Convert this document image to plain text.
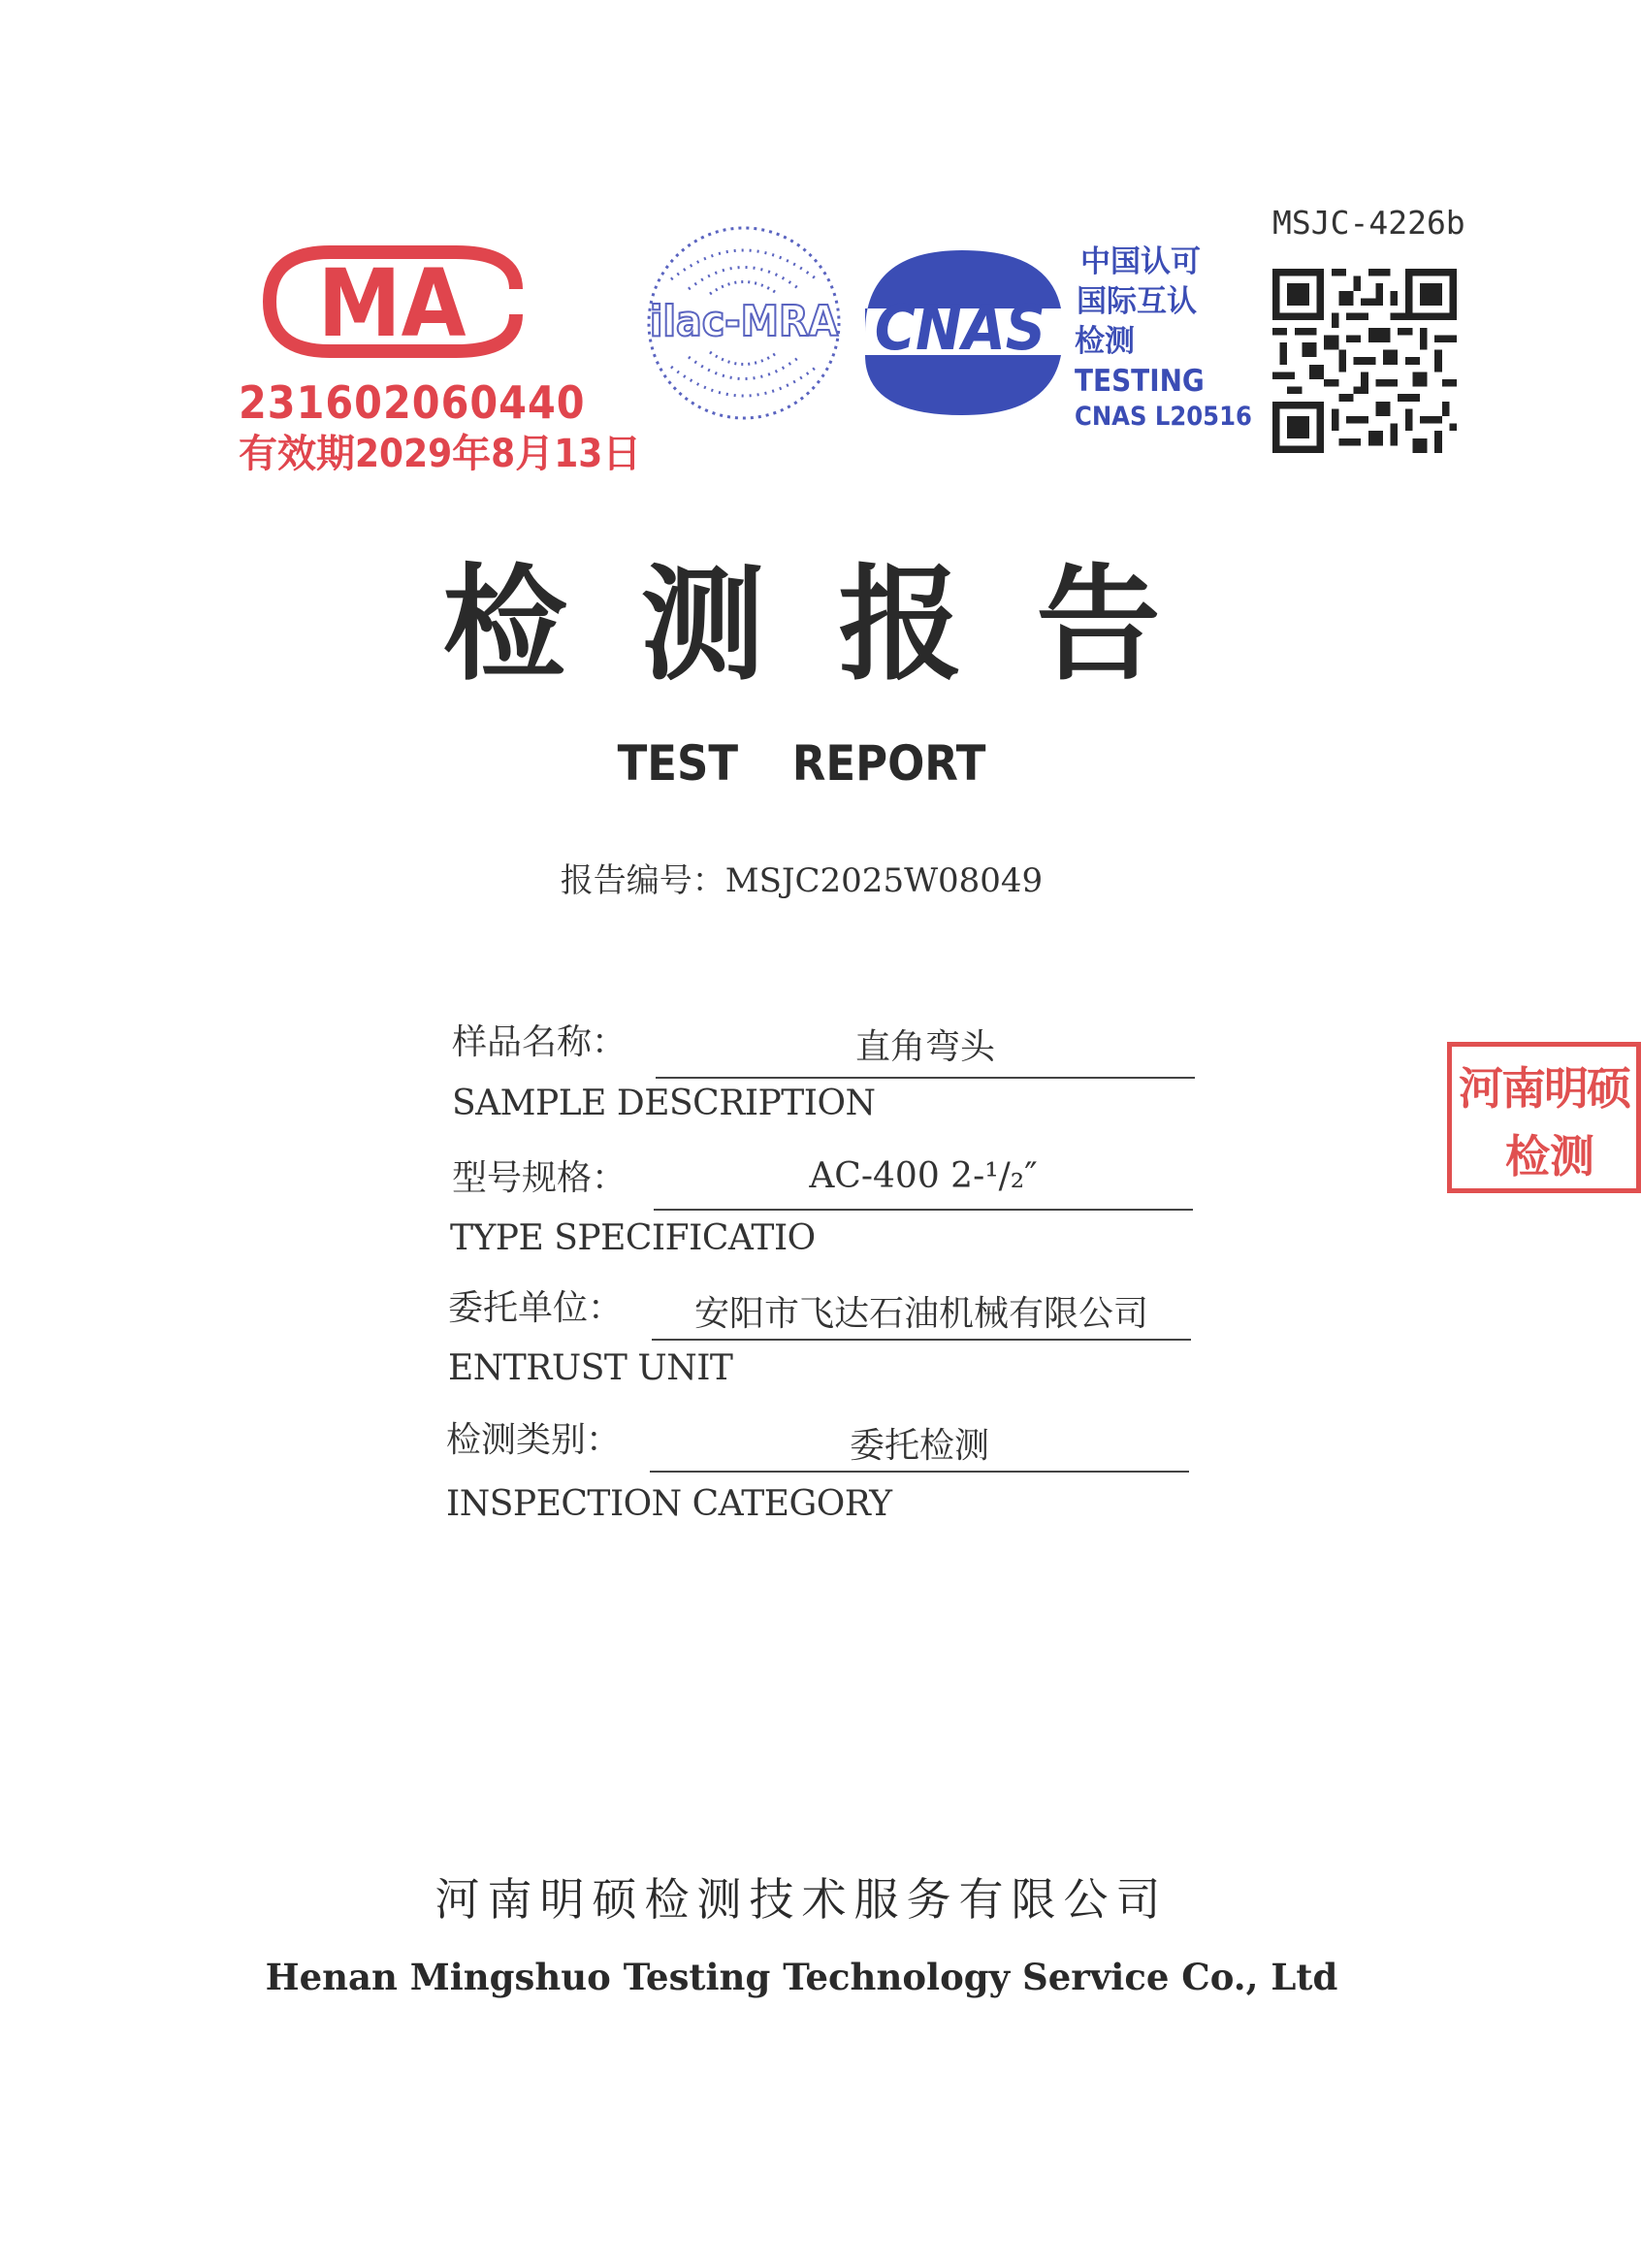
MA
231602060440
有效期2029年8月13日
ilac-MRA CNAS
中国认可
国际互认
检测
TESTING
CNAS L20516
MSJC-4226b
检测报告
TEST REPORT
报告编号：MSJC2025W08049
样品名称：	直角弯头
SAMPLE DESCRIPTION
型号规格：	AC-400 2-¹/₂″
TYPE SPECIFICATIO
委托单位：	安阳市飞达石油机械有限公司
ENTRUST UNIT
检测类别：	委托检测
INSPECTION CATEGORY
河南明硕
检测
河南明硕检测技术服务有限公司
Henan Mingshuo Testing Technology Service Co., Ltd
